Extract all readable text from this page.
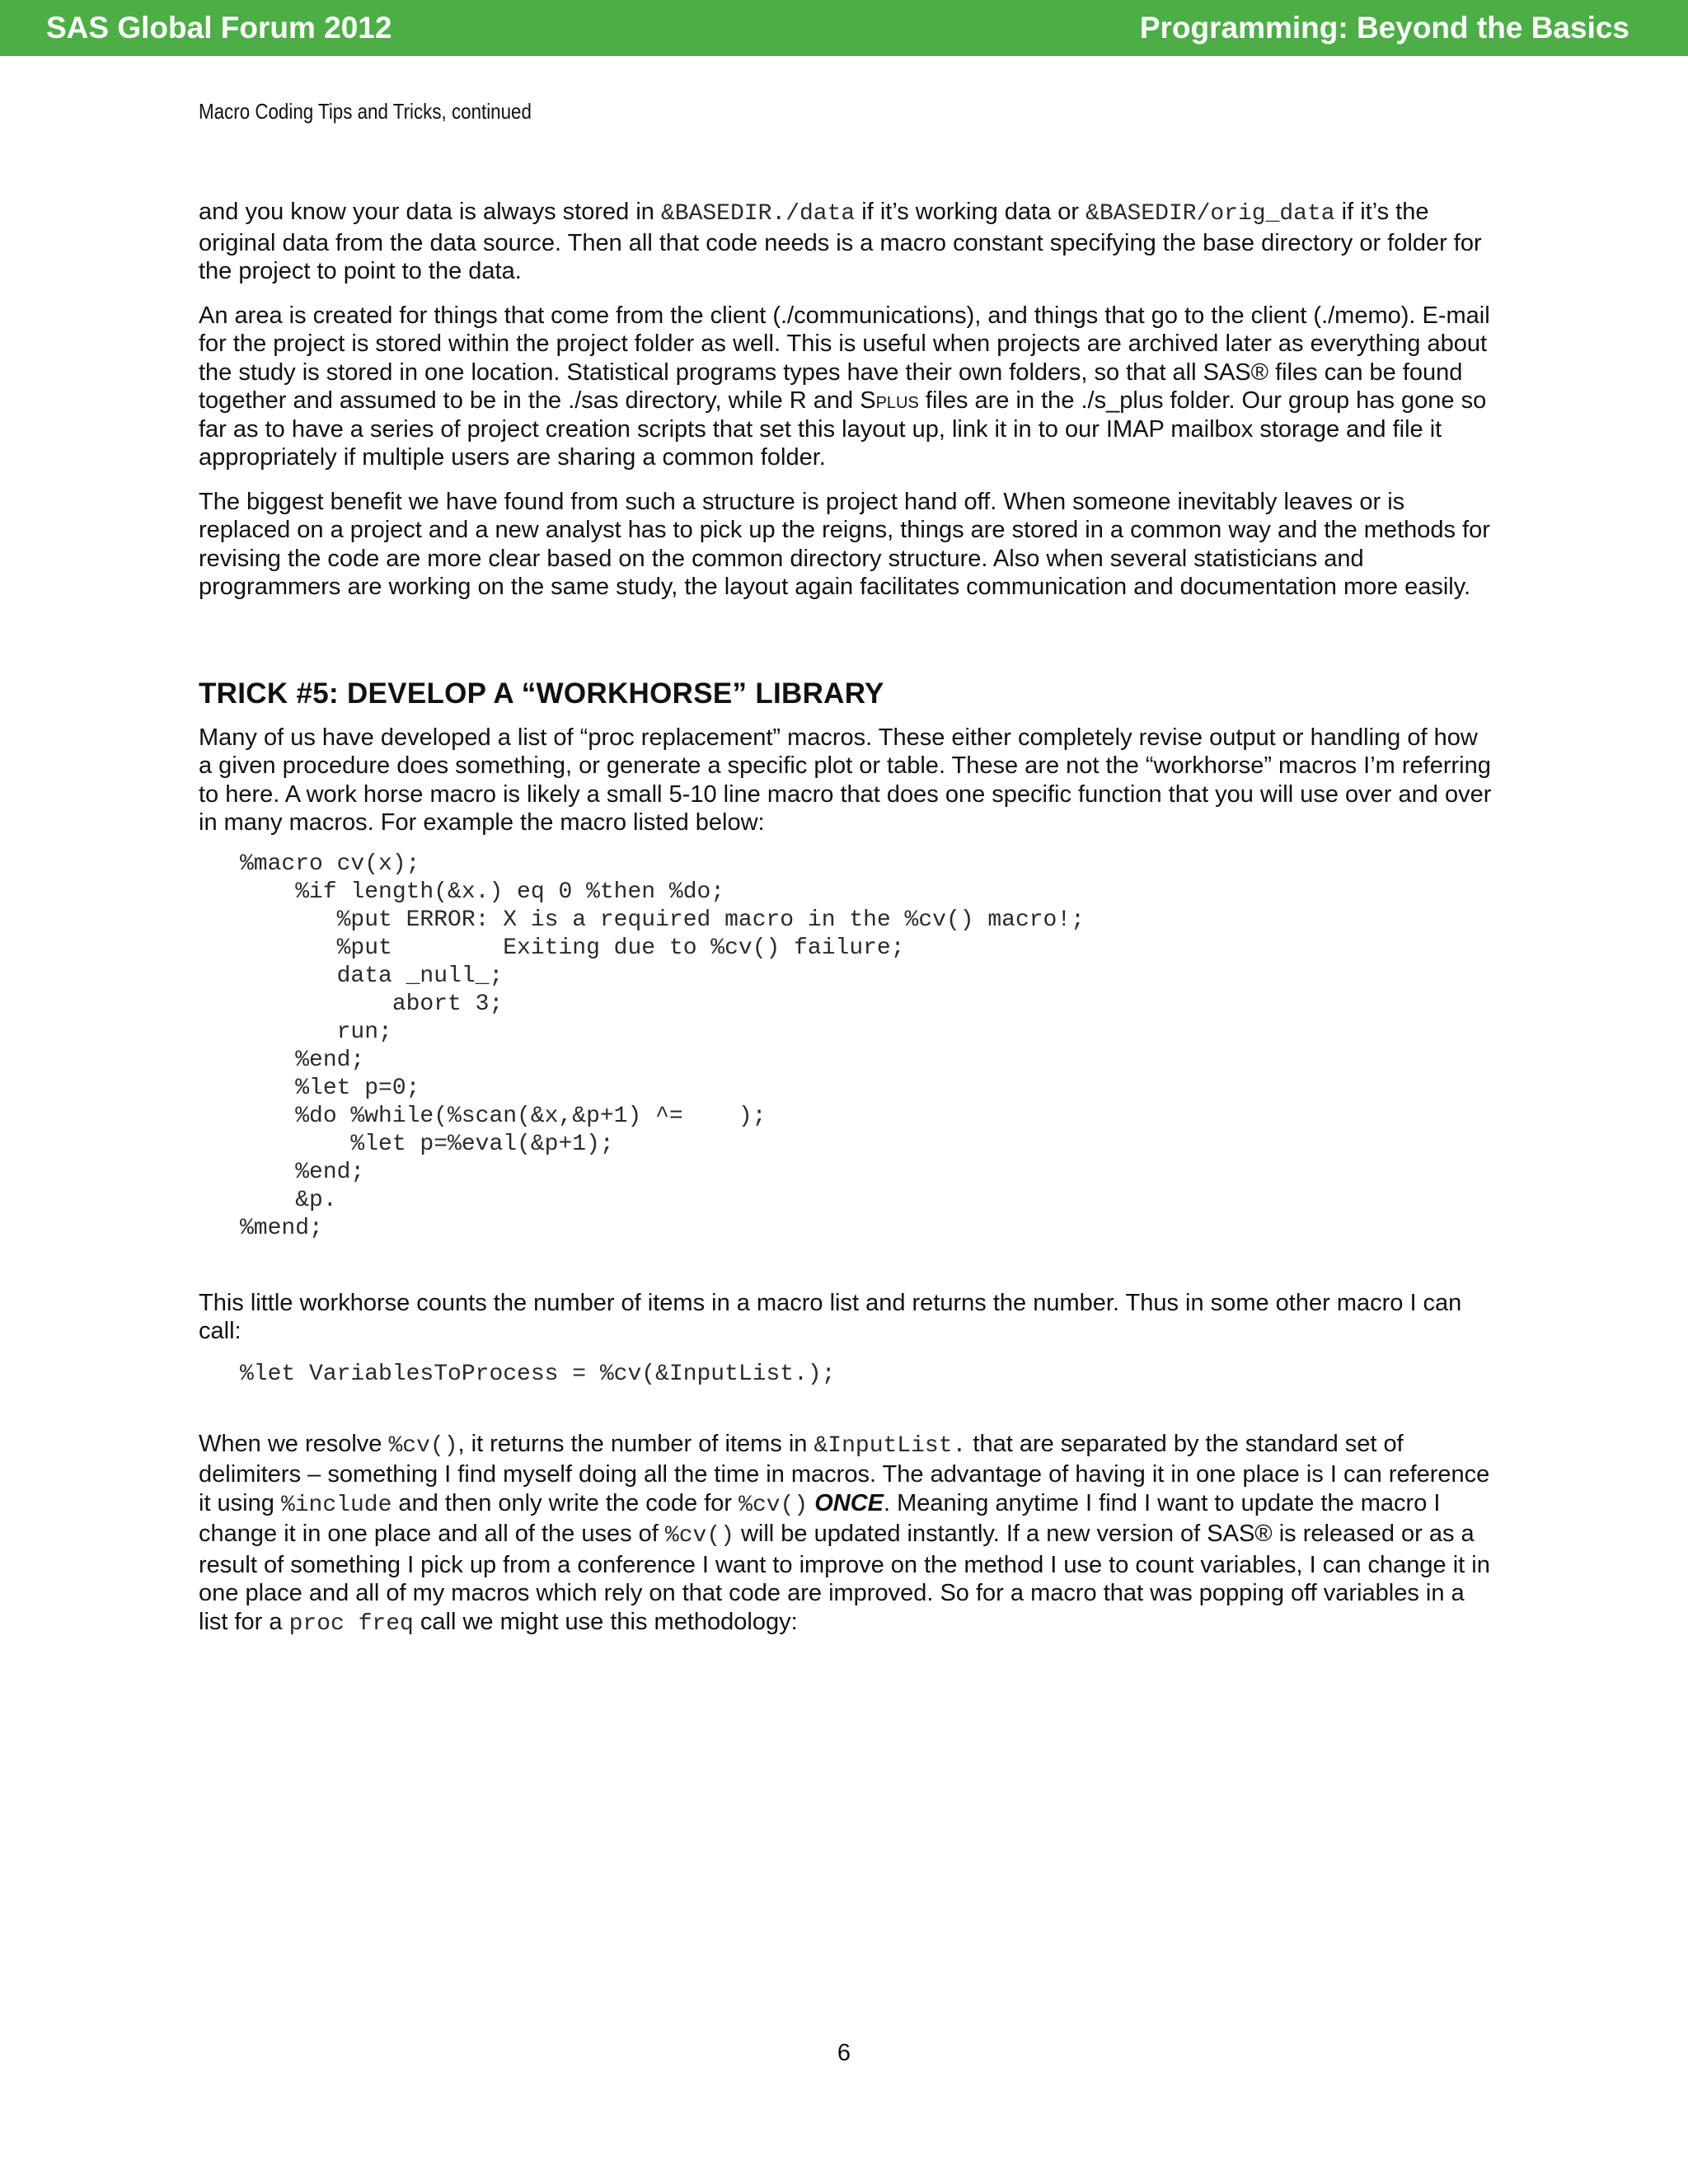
SAS Global Forum 2012	Programming: Beyond the Basics
Macro Coding Tips and Tricks, continued

and you know your data is always stored in &BASEDIR./data if it’s working data or &BASEDIR/orig_data if it’s the original data from the data source. Then all that code needs is a macro constant specifying the base directory or folder for the project to point to the data.

An area is created for things that come from the client (./communications), and things that go to the client (./memo). E-mail for the project is stored within the project folder as well. This is useful when projects are archived later as everything about the study is stored in one location. Statistical programs types have their own folders, so that all SAS® files can be found together and assumed to be in the ./sas directory, while R and Splus files are in the ./s_plus folder. Our group has gone so far as to have a series of project creation scripts that set this layout up, link it in to our IMAP mailbox storage and file it appropriately if multiple users are sharing a common folder.

The biggest benefit we have found from such a structure is project hand off. When someone inevitably leaves or is replaced on a project and a new analyst has to pick up the reigns, things are stored in a common way and the methods for revising the code are more clear based on the common directory structure. Also when several statisticians and programmers are working on the same study, the layout again facilitates communication and documentation more easily.

TRICK #5: DEVELOP A “WORKHORSE” LIBRARY

Many of us have developed a list of “proc replacement” macros. These either completely revise output or handling of how a given procedure does something, or generate a specific plot or table. These are not the “workhorse” macros I’m referring to here. A work horse macro is likely a small 5-10 line macro that does one specific function that you will use over and over in many macros. For example the macro listed below:

%macro cv(x);
%if length(&x.) eq 0 %then %do;
%put ERROR: X is a required macro in the %cv() macro!;
%put        Exiting due to %cv() failure;
data _null_;
abort 3;
run;
%end;
%let p=0;
%do %while(%scan(&x,&p+1) ^=    );
%let p=%eval(&p+1);
%end;
&p.
%mend;

This little workhorse counts the number of items in a macro list and returns the number. Thus in some other macro I can call:

%let VariablesToProcess = %cv(&InputList.);

When we resolve %cv(), it returns the number of items in &InputList. that are separated by the standard set of delimiters – something I find myself doing all the time in macros. The advantage of having it in one place is I can reference it using %include and then only write the code for %cv() ONCE. Meaning anytime I find I want to update the macro I change it in one place and all of the uses of %cv() will be updated instantly. If a new version of SAS® is released or as a result of something I pick up from a conference I want to improve on the method I use to count variables, I can change it in one place and all of my macros which rely on that code are improved. So for a macro that was popping off variables in a list for a proc freq call we might use this methodology:

6
